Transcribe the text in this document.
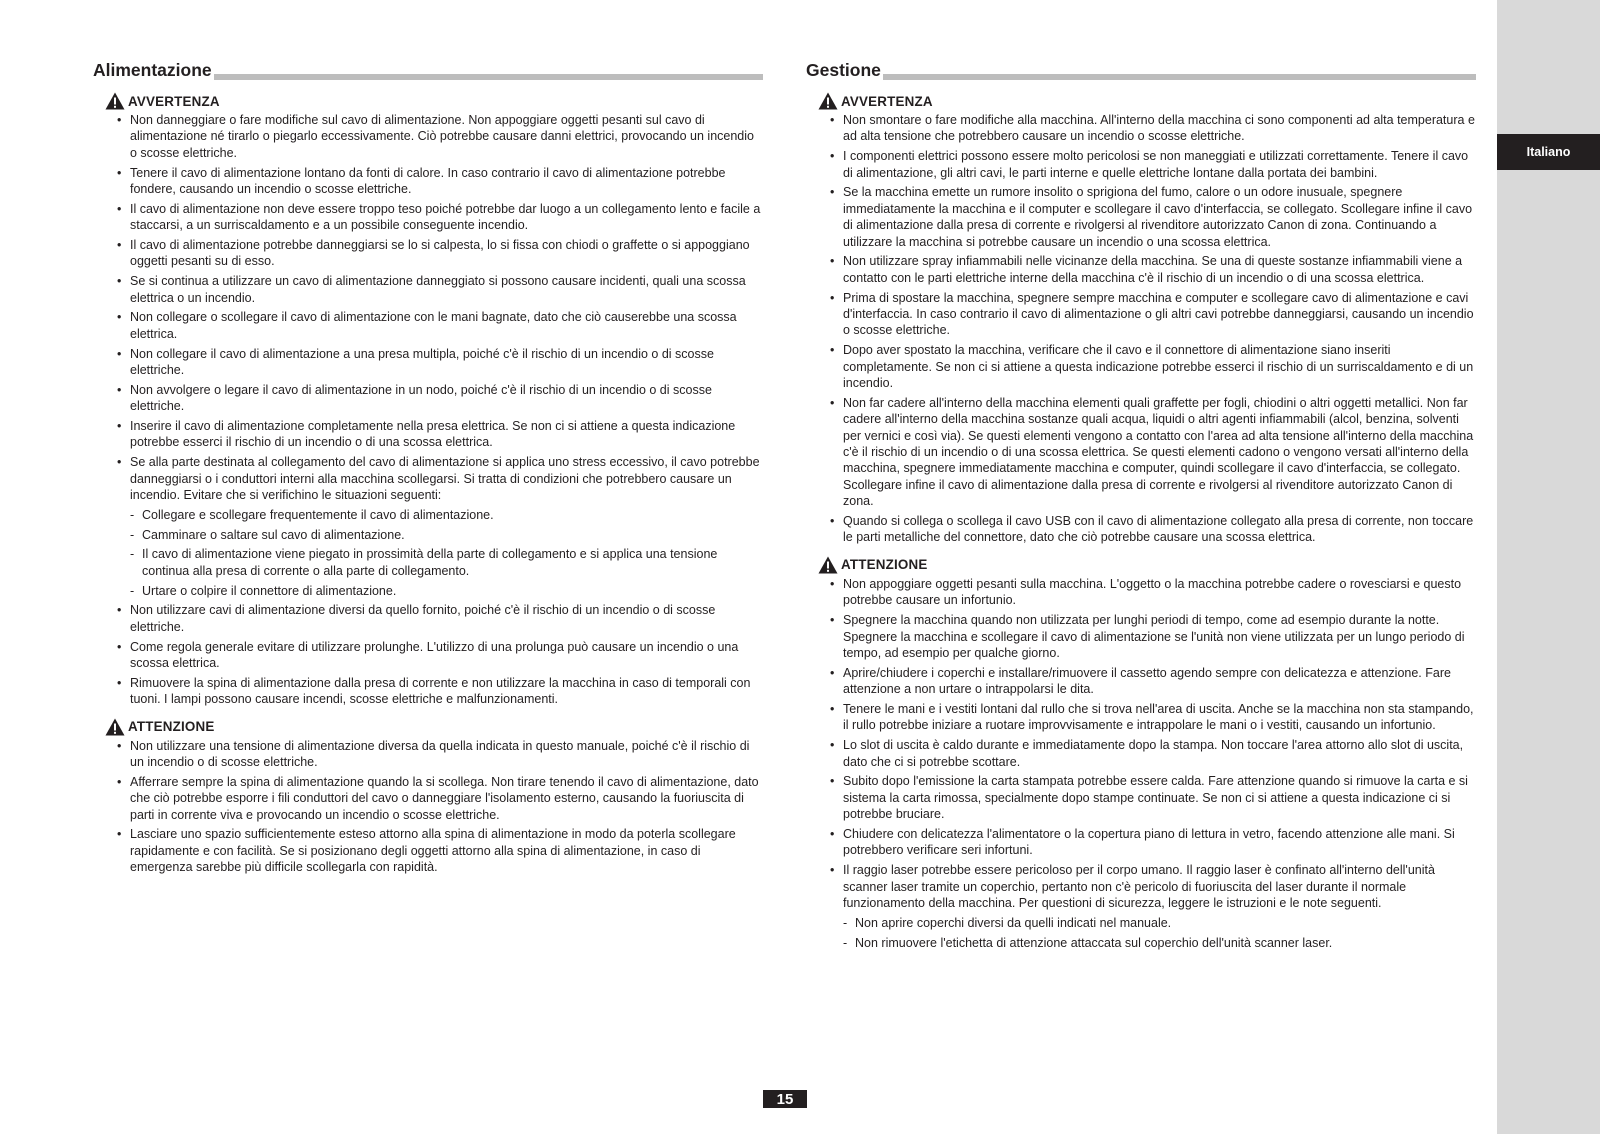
Italiano
Alimentazione
AVVERTENZA
• Non danneggiare o fare modifiche sul cavo di alimentazione. Non appoggiare oggetti pesanti sul cavo di alimentazione né tirarlo o piegarlo eccessivamente. Ciò potrebbe causare danni elettrici, provocando un incendio o scosse elettriche.
• Tenere il cavo di alimentazione lontano da fonti di calore. In caso contrario il cavo di alimentazione potrebbe fondere, causando un incendio o scosse elettriche.
• Il cavo di alimentazione non deve essere troppo teso poiché potrebbe dar luogo a un collegamento lento e facile a staccarsi, a un surriscaldamento e a un possibile conseguente incendio.
• Il cavo di alimentazione potrebbe danneggiarsi se lo si calpesta, lo si fissa con chiodi o graffette o si appoggiano oggetti pesanti su di esso.
• Se si continua a utilizzare un cavo di alimentazione danneggiato si possono causare incidenti, quali una scossa elettrica o un incendio.
• Non collegare o scollegare il cavo di alimentazione con le mani bagnate, dato che ciò causerebbe una scossa elettrica.
• Non collegare il cavo di alimentazione a una presa multipla, poiché c'è il rischio di un incendio o di scosse elettriche.
• Non avvolgere o legare il cavo di alimentazione in un nodo, poiché c'è il rischio di un incendio o di scosse elettriche.
• Inserire il cavo di alimentazione completamente nella presa elettrica. Se non ci si attiene a questa indicazione potrebbe esserci il rischio di un incendio o di una scossa elettrica.
• Se alla parte destinata al collegamento del cavo di alimentazione si applica uno stress eccessivo, il cavo potrebbe danneggiarsi o i conduttori interni alla macchina scollegarsi. Si tratta di condizioni che potrebbero causare un incendio. Evitare che si verifichino le situazioni seguenti:
- Collegare e scollegare frequentemente il cavo di alimentazione.
- Camminare o saltare sul cavo di alimentazione.
- Il cavo di alimentazione viene piegato in prossimità della parte di collegamento e si applica una tensione continua alla presa di corrente o alla parte di collegamento.
- Urtare o colpire il connettore di alimentazione.
• Non utilizzare cavi di alimentazione diversi da quello fornito, poiché c'è il rischio di un incendio o di scosse elettriche.
• Come regola generale evitare di utilizzare prolunghe. L'utilizzo di una prolunga può causare un incendio o una scossa elettrica.
• Rimuovere la spina di alimentazione dalla presa di corrente e non utilizzare la macchina in caso di temporali con tuoni. I lampi possono causare incendi, scosse elettriche e malfunzionamenti.
ATTENZIONE
• Non utilizzare una tensione di alimentazione diversa da quella indicata in questo manuale, poiché c'è il rischio di un incendio o di scosse elettriche.
• Afferrare sempre la spina di alimentazione quando la si scollega. Non tirare tenendo il cavo di alimentazione, dato che ciò potrebbe esporre i fili conduttori del cavo o danneggiare l'isolamento esterno, causando la fuoriuscita di parti in corrente viva e provocando un incendio o scosse elettriche.
• Lasciare uno spazio sufficientemente esteso attorno alla spina di alimentazione in modo da poterla scollegare rapidamente e con facilità. Se si posizionano degli oggetti attorno alla spina di alimentazione, in caso di emergenza sarebbe più difficile scollegarla con rapidità.
Gestione
AVVERTENZA
• Non smontare o fare modifiche alla macchina. All'interno della macchina ci sono componenti ad alta temperatura e ad alta tensione che potrebbero causare un incendio o scosse elettriche.
• I componenti elettrici possono essere molto pericolosi se non maneggiati e utilizzati correttamente. Tenere il cavo di alimentazione, gli altri cavi, le parti interne e quelle elettriche lontane dalla portata dei bambini.
• Se la macchina emette un rumore insolito o sprigiona del fumo, calore o un odore inusuale, spegnere immediatamente la macchina e il computer e scollegare il cavo d'interfaccia, se collegato. Scollegare infine il cavo di alimentazione dalla presa di corrente e rivolgersi al rivenditore autorizzato Canon di zona. Continuando a utilizzare la macchina si potrebbe causare un incendio o una scossa elettrica.
• Non utilizzare spray infiammabili nelle vicinanze della macchina. Se una di queste sostanze infiammabili viene a contatto con le parti elettriche interne della macchina c'è il rischio di un incendio o di una scossa elettrica.
• Prima di spostare la macchina, spegnere sempre macchina e computer e scollegare cavo di alimentazione e cavi d'interfaccia. In caso contrario il cavo di alimentazione o gli altri cavi potrebbe danneggiarsi, causando un incendio o scosse elettriche.
• Dopo aver spostato la macchina, verificare che il cavo e il connettore di alimentazione siano inseriti completamente. Se non ci si attiene a questa indicazione potrebbe esserci il rischio di un surriscaldamento e di un incendio.
• Non far cadere all'interno della macchina elementi quali graffette per fogli, chiodini o altri oggetti metallici. Non far cadere all'interno della macchina sostanze quali acqua, liquidi o altri agenti infiammabili (alcol, benzina, solventi per vernici e così via). Se questi elementi vengono a contatto con l'area ad alta tensione all'interno della macchina c'è il rischio di un incendio o di una scossa elettrica. Se questi elementi cadono o vengono versati all'interno della macchina, spegnere immediatamente macchina e computer, quindi scollegare il cavo d'interfaccia, se collegato. Scollegare infine il cavo di alimentazione dalla presa di corrente e rivolgersi al rivenditore autorizzato Canon di zona.
• Quando si collega o scollega il cavo USB con il cavo di alimentazione collegato alla presa di corrente, non toccare le parti metalliche del connettore, dato che ciò potrebbe causare una scossa elettrica.
ATTENZIONE
• Non appoggiare oggetti pesanti sulla macchina. L'oggetto o la macchina potrebbe cadere o rovesciarsi e questo potrebbe causare un infortunio.
• Spegnere la macchina quando non utilizzata per lunghi periodi di tempo, come ad esempio durante la notte. Spegnere la macchina e scollegare il cavo di alimentazione se l'unità non viene utilizzata per un lungo periodo di tempo, ad esempio per qualche giorno.
• Aprire/chiudere i coperchi e installare/rimuovere il cassetto agendo sempre con delicatezza e attenzione. Fare attenzione a non urtare o intrappolarsi le dita.
• Tenere le mani e i vestiti lontani dal rullo che si trova nell'area di uscita. Anche se la macchina non sta stampando, il rullo potrebbe iniziare a ruotare improvvisamente e intrappolare le mani o i vestiti, causando un infortunio.
• Lo slot di uscita è caldo durante e immediatamente dopo la stampa. Non toccare l'area attorno allo slot di uscita, dato che ci si potrebbe scottare.
• Subito dopo l'emissione la carta stampata potrebbe essere calda. Fare attenzione quando si rimuove la carta e si sistema la carta rimossa, specialmente dopo stampe continuate. Se non ci si attiene a questa indicazione ci si potrebbe bruciare.
• Chiudere con delicatezza l'alimentatore o la copertura piano di lettura in vetro, facendo attenzione alle mani. Si potrebbero verificare seri infortuni.
• Il raggio laser potrebbe essere pericoloso per il corpo umano. Il raggio laser è confinato all'interno dell'unità scanner laser tramite un coperchio, pertanto non c'è pericolo di fuoriuscita del laser durante il normale funzionamento della macchina. Per questioni di sicurezza, leggere le istruzioni e le note seguenti.
- Non aprire coperchi diversi da quelli indicati nel manuale.
- Non rimuovere l'etichetta di attenzione attaccata sul coperchio dell'unità scanner laser.
15
